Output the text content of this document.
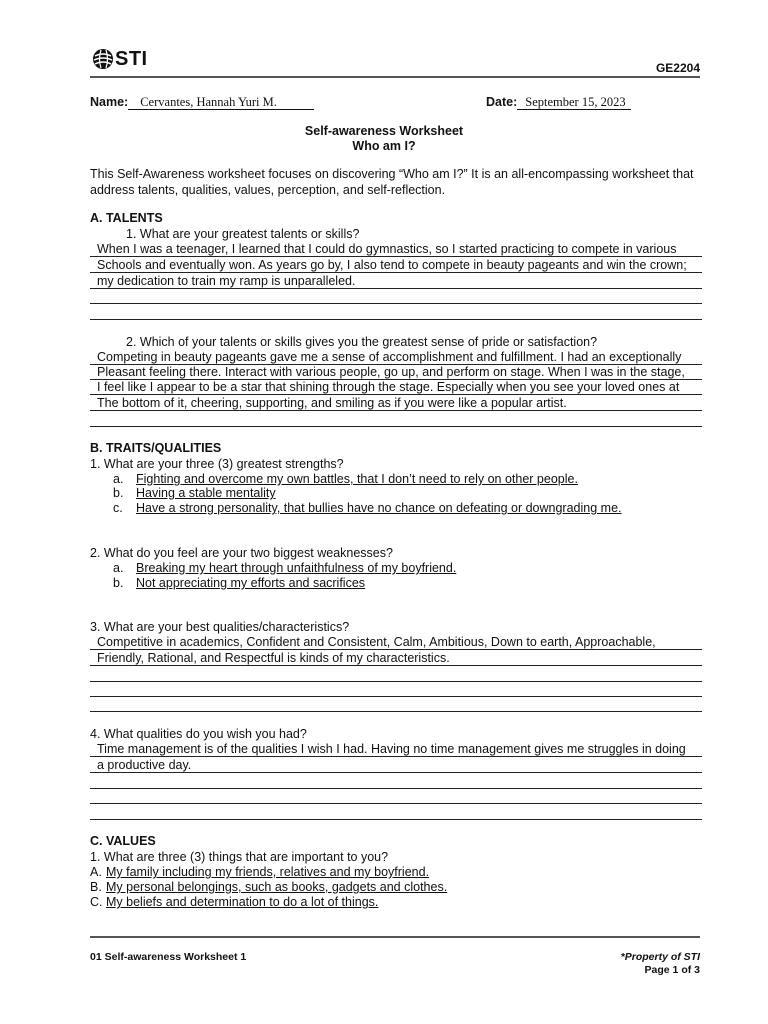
STI	GE2204
Name: Cervantes, Hannah Yuri M.	Date: September 15, 2023
Self-awareness Worksheet
Who am I?
This Self-Awareness worksheet focuses on discovering “Who am I?” It is an all-encompassing worksheet that address talents, qualities, values, perception, and self-reflection.
A. TALENTS
1. What are your greatest talents or skills?
When I was a teenager, I learned that I could do gymnastics, so I started practicing to compete in various
Schools and eventually won. As years go by, I also tend to compete in beauty pageants and win the crown;
my dedication to train my ramp is unparalleled.
2. Which of your talents or skills gives you the greatest sense of pride or satisfaction?
Competing in beauty pageants gave me a sense of accomplishment and fulfillment. I had an exceptionally
Pleasant feeling there. Interact with various people, go up, and perform on stage. When I was in the stage,
I feel like I appear to be a star that shining through the stage. Especially when you see your loved ones at
The bottom of it, cheering, supporting, and smiling as if you were like a popular artist.
B. TRAITS/QUALITIES
1. What are your three (3) greatest strengths?
a. Fighting and overcome my own battles, that I don’t need to rely on other people.
b. Having a stable mentality
c. Have a strong personality, that bullies have no chance on defeating or downgrading me.
2. What do you feel are your two biggest weaknesses?
a. Breaking my heart through unfaithfulness of my boyfriend.
b. Not appreciating my efforts and sacrifices
3. What are your best qualities/characteristics?
Competitive in academics, Confident and Consistent, Calm, Ambitious, Down to earth, Approachable,
Friendly, Rational, and Respectful is kinds of my characteristics.
4. What qualities do you wish you had?
Time management is of the qualities I wish I had. Having no time management gives me struggles in doing
a productive day.
C. VALUES
1. What are three (3) things that are important to you?
A. My family including my friends, relatives and my boyfriend.
B. My personal belongings, such as books, gadgets and clothes.
C. My beliefs and determination to do a lot of things.
01 Self-awareness Worksheet 1	*Property of STI
Page 1 of 3
